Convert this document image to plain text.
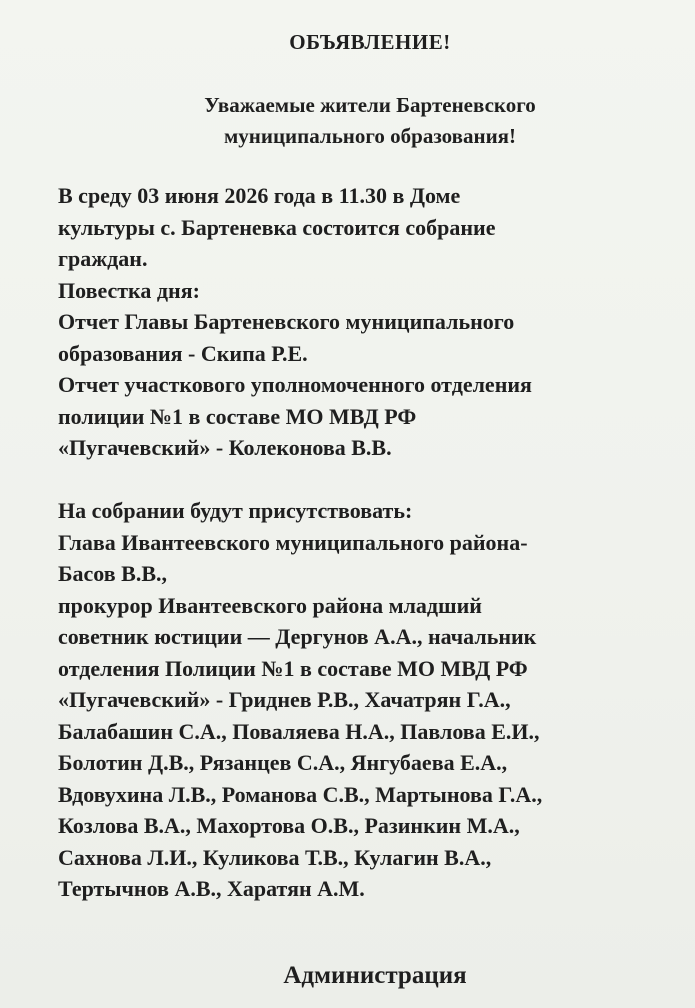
ОБЪЯВЛЕНИЕ!
Уважаемые жители Бартеневского
муниципального образования!
В среду 03 июня 2026 года в 11.30 в Доме
культуры с. Бартеневка состоится собрание
граждан.
Повестка дня:
Отчет Главы Бартеневского муниципального
образования - Скипа Р.Е.
Отчет участкового уполномоченного отделения
полиции №1 в составе МО МВД РФ
«Пугачевский» - Колеконова В.В.
На собрании будут присутствовать:
Глава Ивантеевского муниципального района-
Басов В.В.,
прокурор Ивантеевского района младший
советник юстиции — Дергунов А.А., начальник
отделения Полиции №1 в составе МО МВД РФ
«Пугачевский» - Гриднев Р.В., Хачатрян Г.А.,
Балабашин С.А., Поваляева Н.А., Павлова Е.И.,
Болотин Д.В., Рязанцев С.А., Янгубаева Е.А.,
Вдовухина Л.В., Романова С.В., Мартынова Г.А.,
Козлова В.А., Махортова О.В., Разинкин М.А.,
Сахнова Л.И., Куликова Т.В., Кулагин В.А.,
Тертычнов А.В., Харатян А.М.
Администрация
